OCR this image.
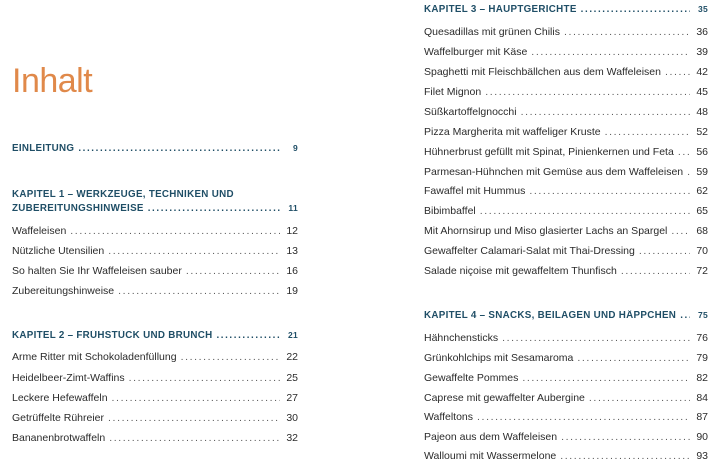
Inhalt
EINLEITUNG .....	9
KAPITEL 1 – WERKZEUGE, TECHNIKEN UND
ZUBEREITUNGSHINWEISE .....	11
Waffeleisen .....	12
Nützliche Utensilien .....	13
So halten Sie Ihr Waffeleisen sauber .....	16
Zubereitungshinweise .....	19
KAPITEL 2 – FRÜHSTÜCK UND BRUNCH .....	21
Arme Ritter mit Schokoladenfüllung .....	22
Heidelbeer-Zimt-Waffins .....	25
Leckere Hefewaffeln .....	27
Getrüffelte Rühreier .....	30
Bananenbrotwaffeln .....	32
KAPITEL 3 – HAUPTGERICHTE .....	35
Quesadillas mit grünen Chilis .....	36
Waffelburger mit Käse .....	39
Spaghetti mit Fleischbällchen aus dem Waffeleisen .....	42
Filet Mignon .....	45
Süßkartoffelgnocchi .....	48
Pizza Margherita mit waffeliger Kruste .....	52
Hühnerbrust gefüllt mit Spinat, Pinienkernen und Feta ..... 56
Parmesan-Hühnchen mit Gemüse aus dem Waffeleisen ..... 59
Fawaffel mit Hummus .....	62
Bibimbaffel .....	65
Mit Ahornsirup und Miso glasierter Lachs an Spargel .....	68
Gewaffelter Calamari-Salat mit Thai-Dressing .....	70
Salade niçoise mit gewaffeltem Thunfisch .....	72
KAPITEL 4 – SNACKS, BEILAGEN UND HÄPPCHEN .....	75
Hähnchensticks .....	76
Grünkohlchips mit Sesamaroma .....	79
Gewaffelte Pommes .....	82
Caprese mit gewaffelter Aubergine .....	84
Waffeltons .....	87
Pajeon aus dem Waffeleisen .....	90
Walloumi mit Wassermelone .....	93
